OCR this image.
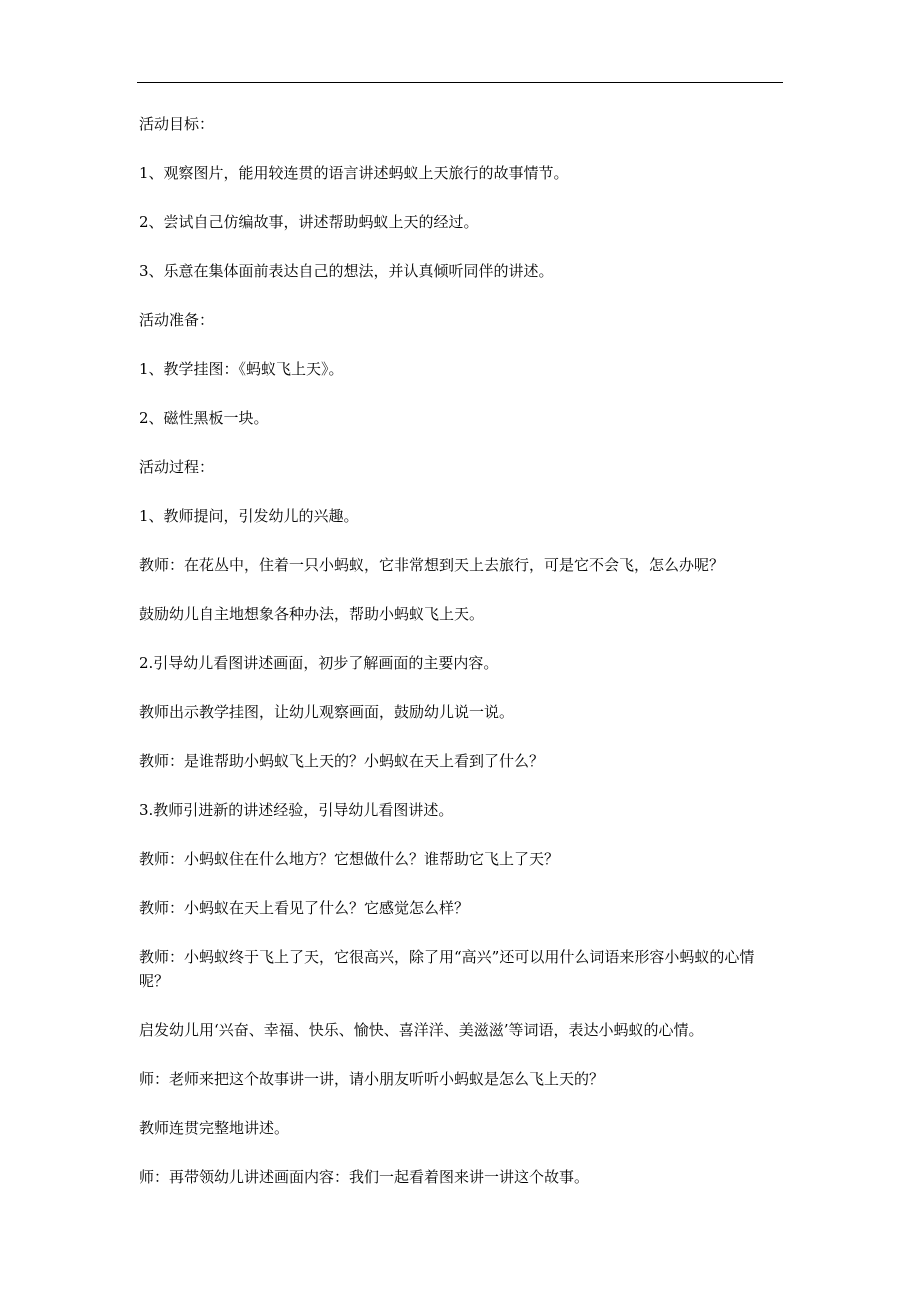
活动目标：

1、观察图片，能用较连贯的语言讲述蚂蚁上天旅行的故事情节。

2、尝试自己仿编故事，讲述帮助蚂蚁上天的经过。

3、乐意在集体面前表达自己的想法，并认真倾听同伴的讲述。

活动准备：

1、教学挂图：《蚂蚁飞上天》。

2、磁性黑板一块。

活动过程：

1、教师提问，引发幼儿的兴趣。

教师：在花丛中，住着一只小蚂蚁，它非常想到天上去旅行，可是它不会飞，怎么办呢？

鼓励幼儿自主地想象各种办法，帮助小蚂蚁飞上天。

2.引导幼儿看图讲述画面，初步了解画面的主要内容。

教师出示教学挂图，让幼儿观察画面，鼓励幼儿说一说。

教师：是谁帮助小蚂蚁飞上天的？小蚂蚁在天上看到了什么？

3.教师引进新的讲述经验，引导幼儿看图讲述。

教师：小蚂蚁住在什么地方？它想做什么？谁帮助它飞上了天？

教师：小蚂蚁在天上看见了什么？它感觉怎么样？

教师：小蚂蚁终于飞上了天，它很高兴，除了用“高兴”还可以用什么词语来形容小蚂蚁的心情呢？

启发幼儿用‘兴奋、幸福、快乐、愉快、喜洋洋、美滋滋’等词语，表达小蚂蚁的心情。

师：老师来把这个故事讲一讲，请小朋友听听小蚂蚁是怎么飞上天的？

教师连贯完整地讲述。

师：再带领幼儿讲述画面内容：我们一起看着图来讲一讲这个故事。
